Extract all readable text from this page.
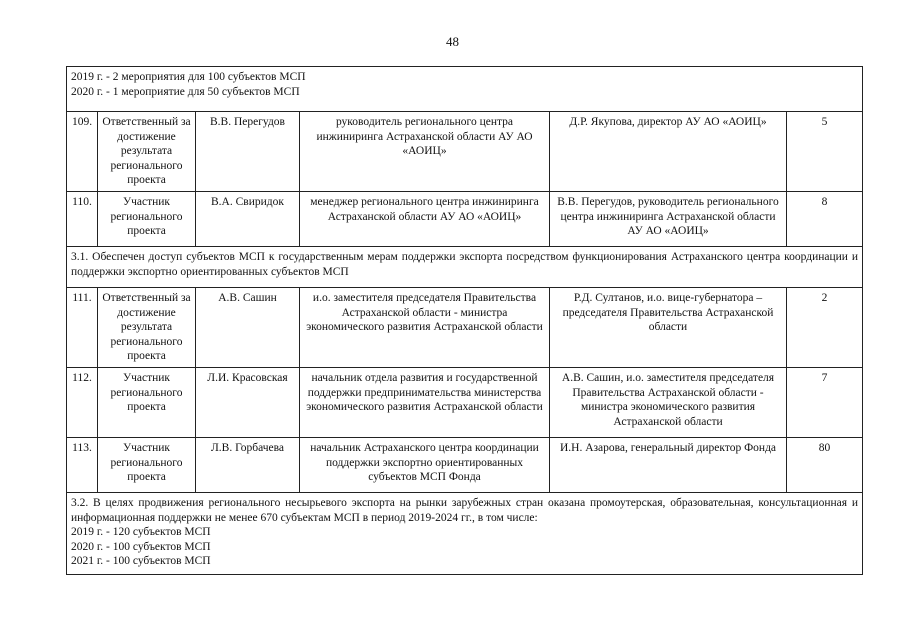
48
2019 г. - 2 мероприятия для 100 субъектов МСП
2020 г. - 1 мероприятие для 50 субъектов МСП					

109.	Ответственный за достижение результата регионального проекта	В.В. Перегудов	руководитель регионального центра инжиниринга Астраханской области АУ АО «АОИЦ»	Д.Р. Якупова, директор АУ АО «АОИЦ»	5
110.	Участник регионального проекта	В.А. Свиридок	менеджер регионального центра инжиниринга Астраханской области АУ АО «АОИЦ»	В.В. Перегудов, руководитель регионального центра инжиниринга Астраханской области АУ АО «АОИЦ»	8
3.1. Обеспечен доступ субъектов МСП к государственным мерам поддержки экспорта посредством функционирования Астраханского центра координации и поддержки экспортно ориентированных субъектов МСП					
111.	Ответственный за достижение результата регионального проекта	А.В. Сашин	и.о. заместителя председателя Правительства Астраханской области - министра экономического развития Астраханской области	Р.Д. Султанов, и.о. вице-губернатора – председателя Правительства Астраханской области	2
112.	Участник регионального проекта	Л.И. Красовская	начальник отдела развития и государственной поддержки предпринимательства министерства экономического развития Астраханской области	А.В. Сашин, и.о. заместителя председателя Правительства Астраханской области - министра экономического развития Астраханской области	7
113.	Участник регионального проекта	Л.В. Горбачева	начальник Астраханского центра координации поддержки экспортно ориентированных субъектов МСП Фонда	И.Н. Азарова, генеральный директор Фонда	80

3.2. В целях продвижения регионального несырьевого экспорта на рынки зарубежных стран оказана промоутерская, образовательная, консультационная и информационная поддержки не менее 670 субъектам МСП в период 2019-2024 гг., в том числе:
2019 г. - 120 субъектов МСП
2020 г. - 100 субъектов МСП
2021 г. - 100 субъектов МСП					
